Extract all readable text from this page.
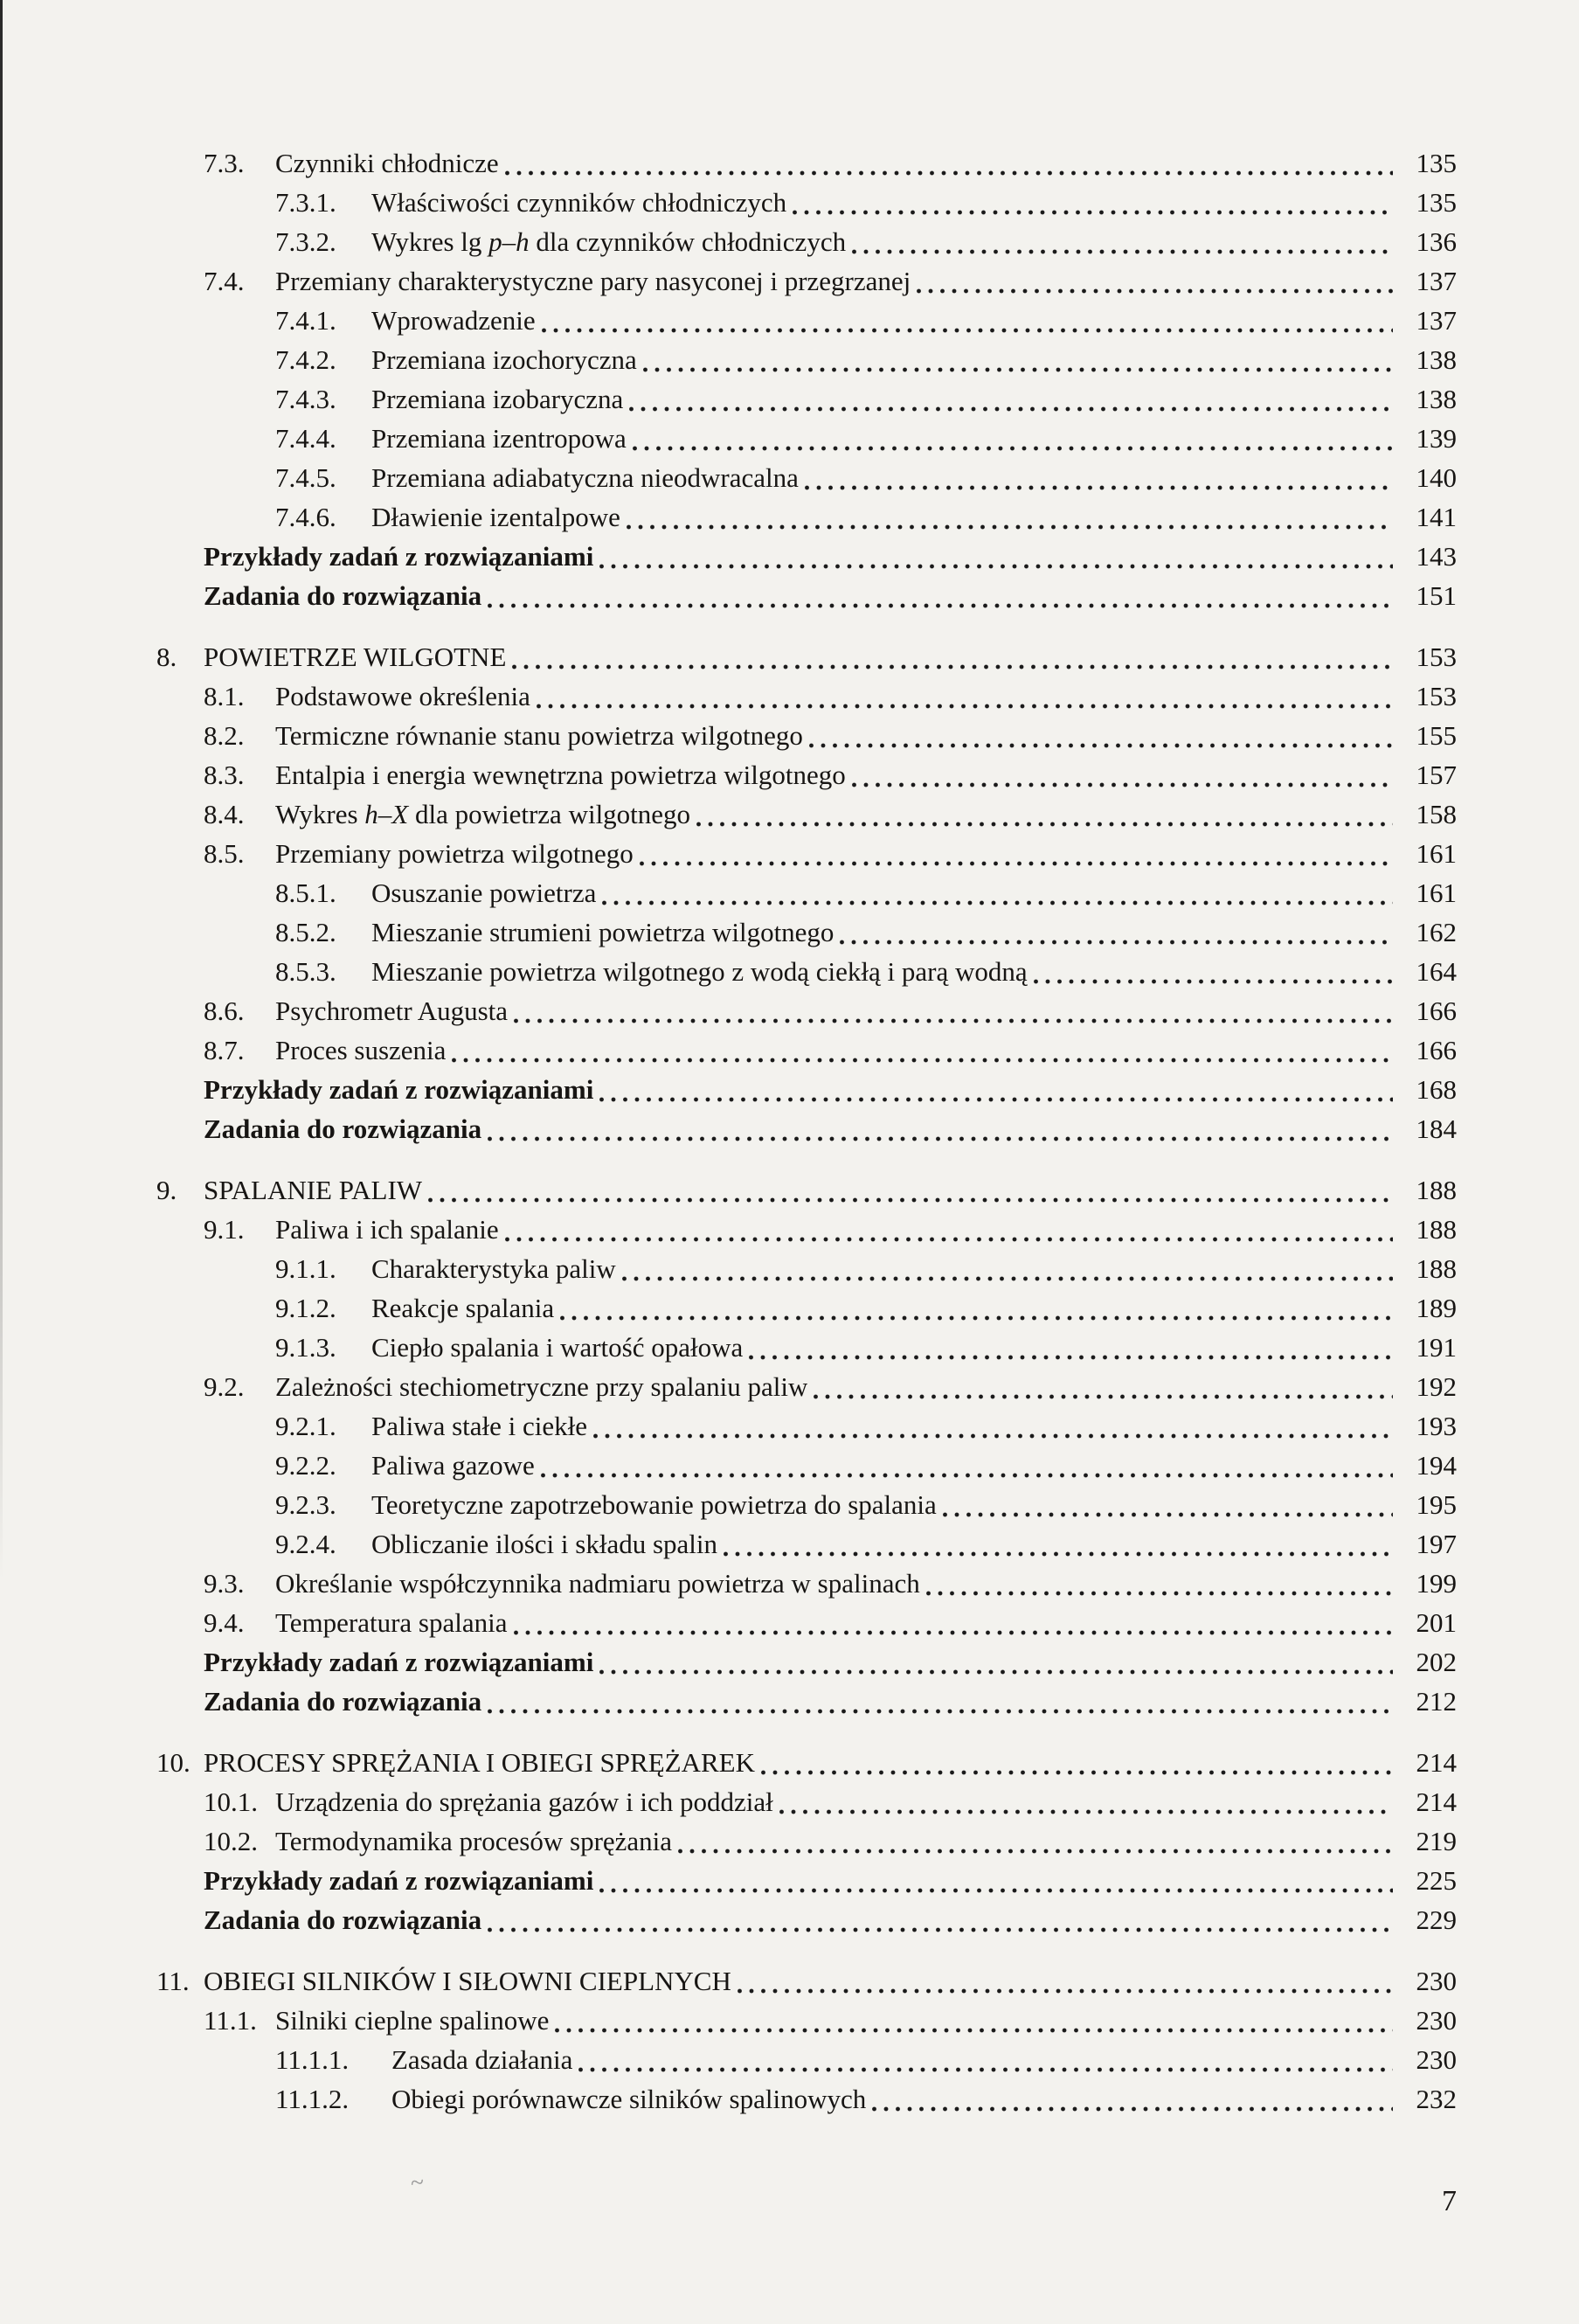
7.3.	Czynniki chłodnicze	135
7.3.1.	Właściwości czynników chłodniczych	135
7.3.2.	Wykres lg p–h dla czynników chłodniczych	136
7.4.	Przemiany charakterystyczne pary nasyconej i przegrzanej	137
7.4.1.	Wprowadzenie	137
7.4.2.	Przemiana izochoryczna	138
7.4.3.	Przemiana izobaryczna	138
7.4.4.	Przemiana izentropowa	139
7.4.5.	Przemiana adiabatyczna nieodwracalna	140
7.4.6.	Dławienie izentalpowe	141
Przykłady zadań z rozwiązaniami	143
Zadania do rozwiązania	151
8. POWIETRZE WILGOTNE	153
8.1.	Podstawowe określenia	153
8.2.	Termiczne równanie stanu powietrza wilgotnego	155
8.3.	Entalpia i energia wewnętrzna powietrza wilgotnego	157
8.4.	Wykres h–X dla powietrza wilgotnego	158
8.5.	Przemiany powietrza wilgotnego	161
8.5.1.	Osuszanie powietrza	161
8.5.2.	Mieszanie strumieni powietrza wilgotnego	162
8.5.3.	Mieszanie powietrza wilgotnego z wodą ciekłą i parą wodną	164
8.6.	Psychrometr Augusta	166
8.7.	Proces suszenia	166
Przykłady zadań z rozwiązaniami	168
Zadania do rozwiązania	184
9. SPALANIE PALIW	188
9.1.	Paliwa i ich spalanie	188
9.1.1.	Charakterystyka paliw	188
9.1.2.	Reakcje spalania	189
9.1.3.	Ciepło spalania i wartość opałowa	191
9.2.	Zależności stechiometryczne przy spalaniu paliw	192
9.2.1.	Paliwa stałe i ciekłe	193
9.2.2.	Paliwa gazowe	194
9.2.3.	Teoretyczne zapotrzebowanie powietrza do spalania	195
9.2.4.	Obliczanie ilości i składu spalin	197
9.3.	Określanie współczynnika nadmiaru powietrza w spalinach	199
9.4.	Temperatura spalania	201
Przykłady zadań z rozwiązaniami	202
Zadania do rozwiązania	212
10. PROCESY SPRĘŻANIA I OBIEGI SPRĘŻAREK	214
10.1. Urządzenia do sprężania gazów i ich poddział	214
10.2. Termodynamika procesów sprężania	219
Przykłady zadań z rozwiązaniami	225
Zadania do rozwiązania	229
11. OBIEGI SILNIKÓW I SIŁOWNI CIEPLNYCH	230
11.1. Silniki cieplne spalinowe	230
11.1.1.	Zasada działania	230
11.1.2.	Obiegi porównawcze silników spalinowych	232
~
7
